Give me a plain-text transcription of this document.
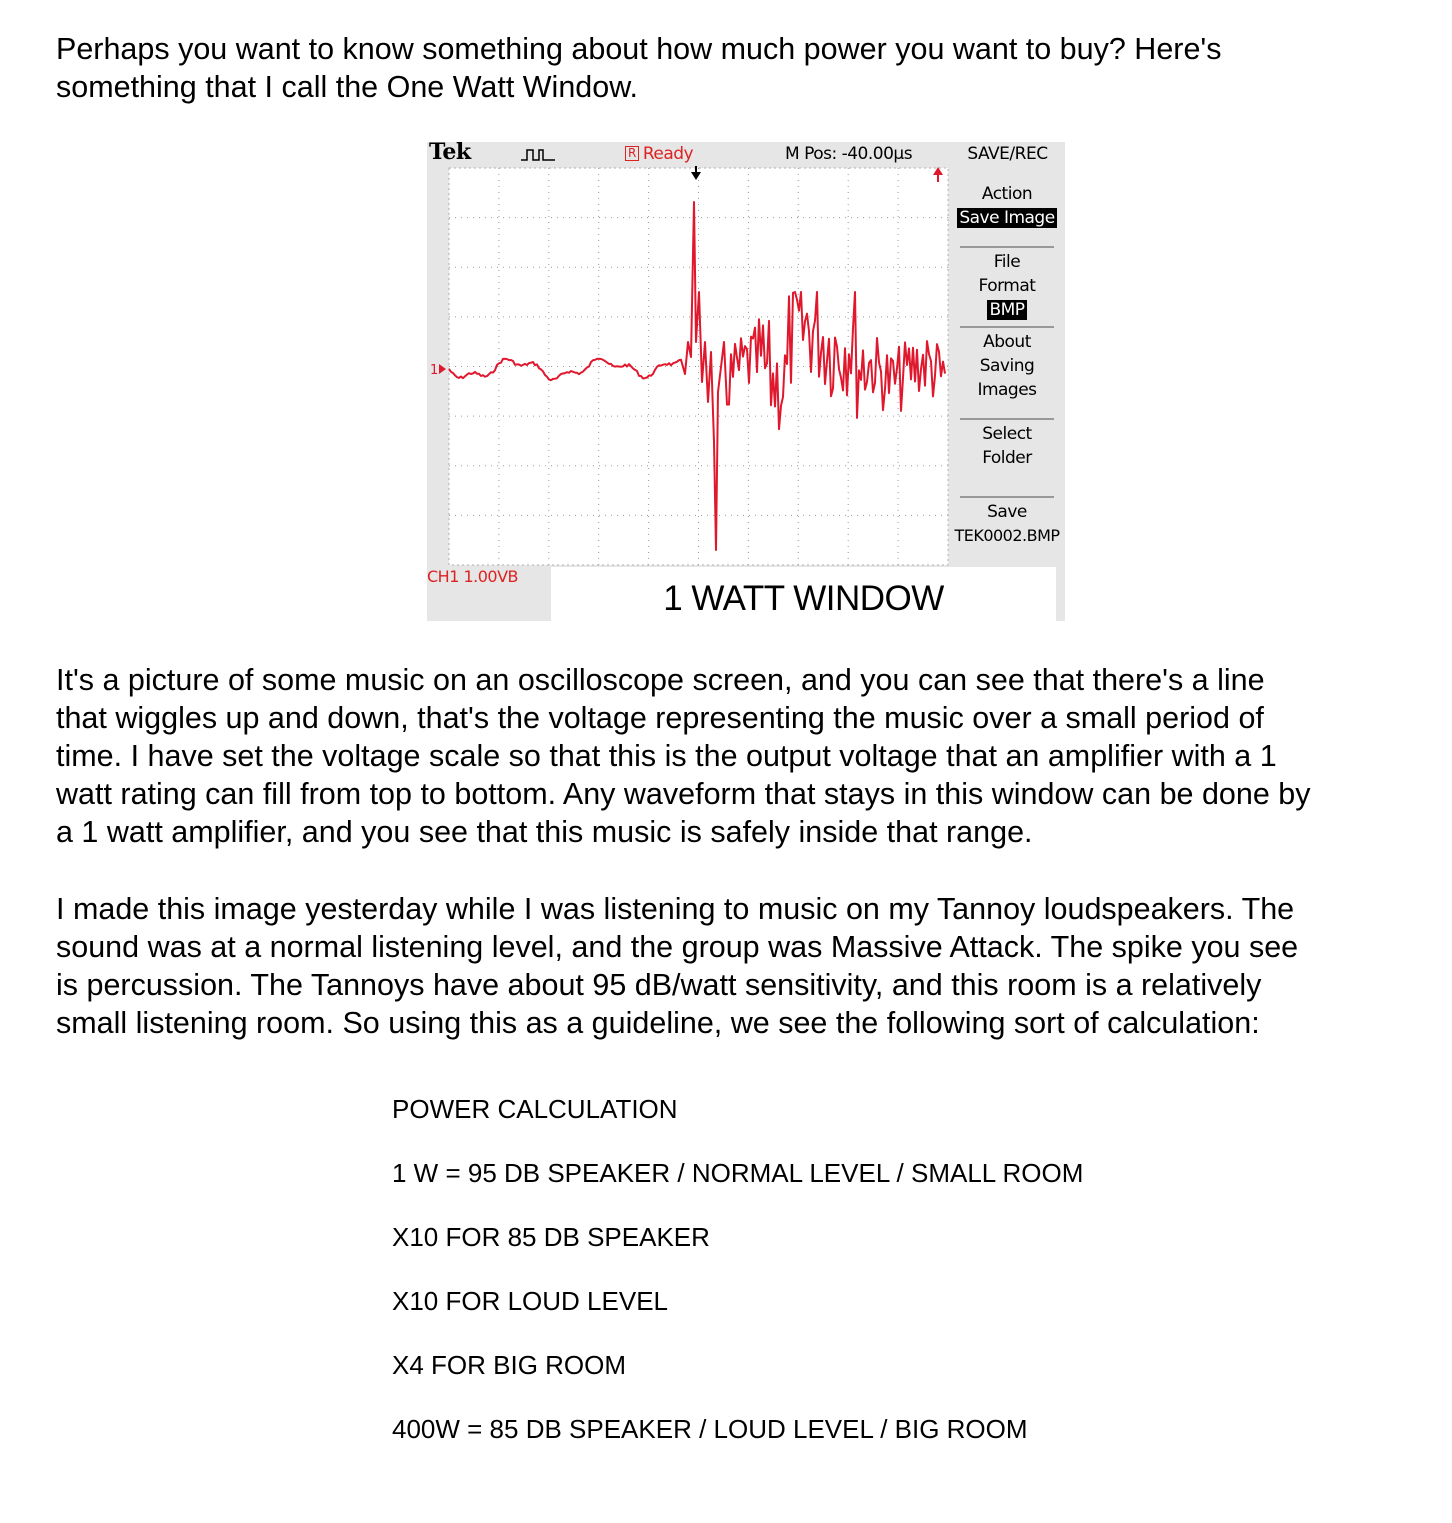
Perhaps you want to know something about how much power you want to buy? Here's
something that I call the One Watt Window.
1
Tek	R Ready	M Pos: -40.00µs	SAVE/REC
Action
Save Image
File
Format
BMP
About
Saving
Images
Select
Folder
Save
TEK0002.BMP
CH1 1.00VB
1 WATT WINDOW
It's a picture of some music on an oscilloscope screen, and you can see that there's a line
that wiggles up and down, that's the voltage representing the music over a small period of
time. I have set the voltage scale so that this is the output voltage that an amplifier with a 1
watt rating can fill from top to bottom. Any waveform that stays in this window can be done by
a 1 watt amplifier, and you see that this music is safely inside that range.
I made this image yesterday while I was listening to music on my Tannoy loudspeakers. The
sound was at a normal listening level, and the group was Massive Attack. The spike you see
is percussion. The Tannoys have about 95 dB/watt sensitivity, and this room is a relatively
small listening room. So using this as a guideline, we see the following sort of calculation:
POWER CALCULATION
1 W = 95 DB SPEAKER / NORMAL LEVEL / SMALL ROOM
X10 FOR 85 DB SPEAKER
X10 FOR LOUD LEVEL
X4 FOR BIG ROOM
400W = 85 DB SPEAKER / LOUD LEVEL / BIG ROOM
